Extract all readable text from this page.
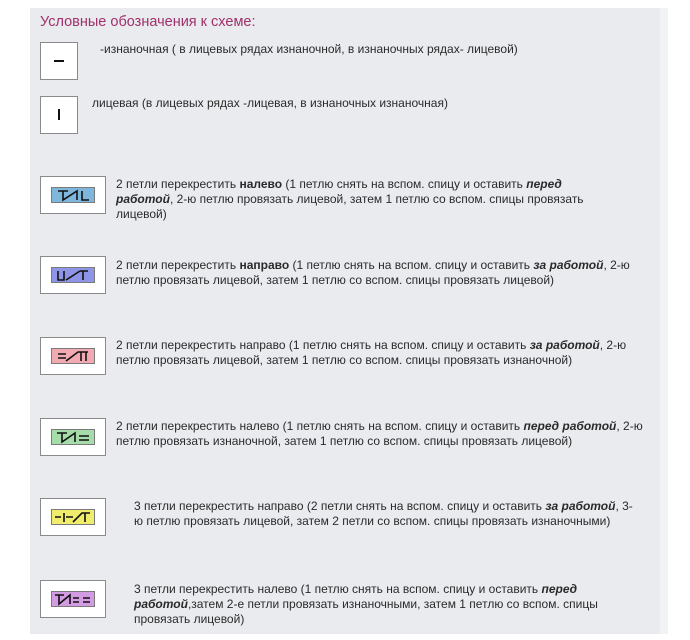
Условные обозначения к схеме:
-изнаночная ( в лицевых рядах изнаночной, в изнаночных рядах- лицевой)
лицевая (в лицевых рядах -лицевая, в изнаночных изнаночная)
2 петли перекрестить налево (1 петлю снять на вспом. спицу и оставить перед работой, 2-ю петлю провязать лицевой, затем 1 петлю со вспом. спицы провязать лицевой)
2 петли перекрестить направо (1 петлю снять на вспом. спицу и оставить за работой, 2-ю петлю провязать лицевой, затем 1 петлю со вспом. спицы провязать лицевой)
2 петли перекрестить направо (1 петлю снять на вспом. спицу и оставить за работой, 2-ю петлю провязать лицевой, затем 1 петлю со вспом. спицы провязать изнаночной)
2 петли перекрестить налево (1 петлю снять на вспом. спицу и оставить перед работой, 2-ю петлю провязать изнаночной, затем 1 петлю со вспом. спицы провязать лицевой)
3 петли перекрестить направо (2 петли снять на вспом. спицу и оставить за работой, 3-ю петлю провязать лицевой, затем 2 петли со вспом. спицы провязать изнаночными)
3 петли перекрестить налево (1 петлю снять на вспом. спицу и оставить перед работой,затем 2-е петли провязать изнаночными, затем 1 петлю со вспом. спицы провязать лицевой)
